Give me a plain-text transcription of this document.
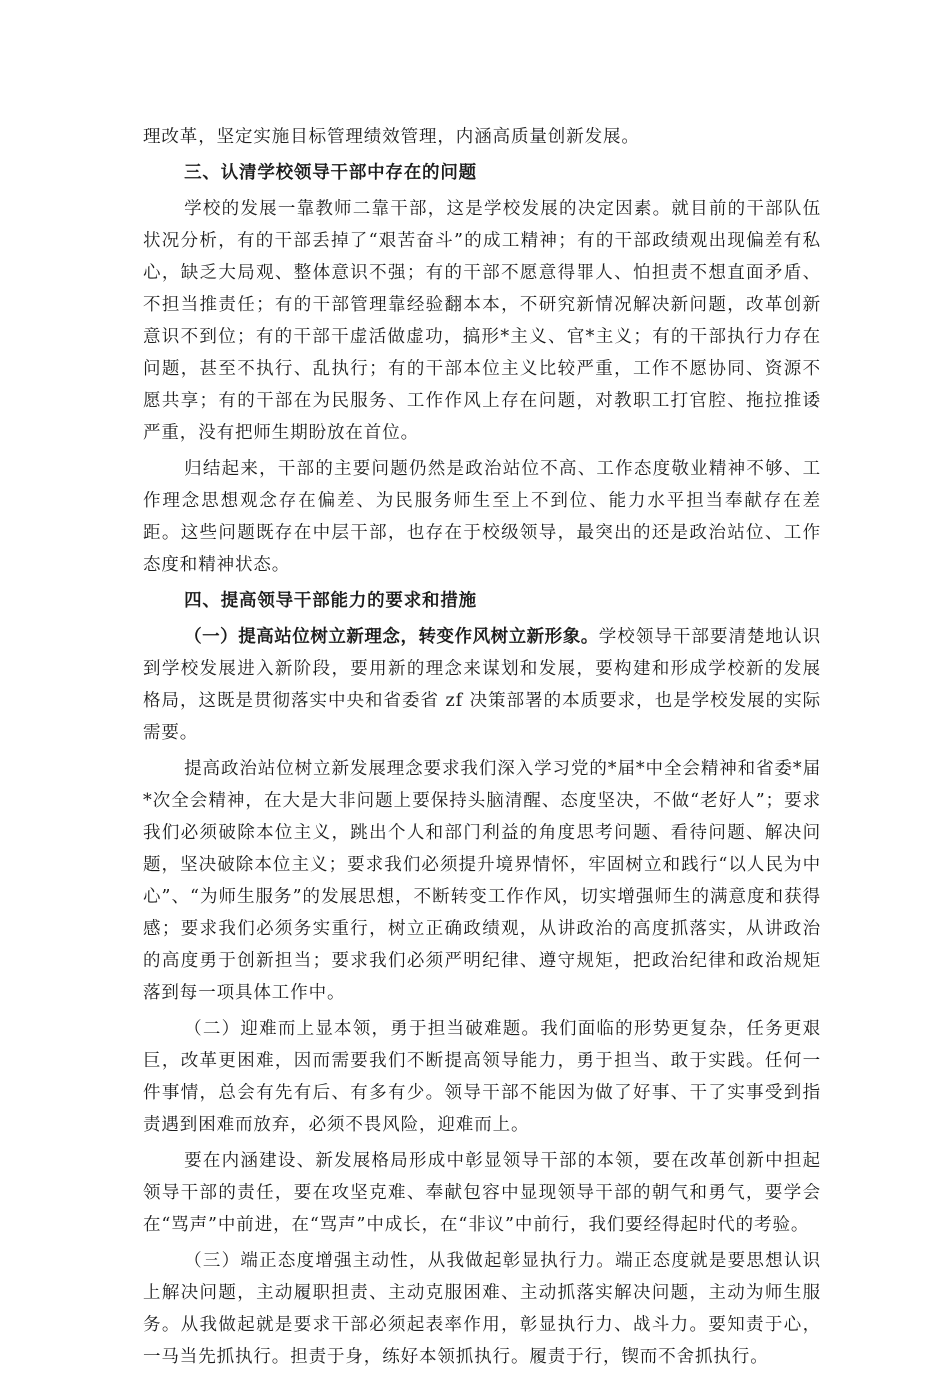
理改革，坚定实施目标管理绩效管理，内涵高质量创新发展。

三、认清学校领导干部中存在的问题

学校的发展一靠教师二靠干部，这是学校发展的决定因素。就目前的干部队伍状况分析，有的干部丢掉了“艰苦奋斗”的成工精神；有的干部政绩观出现偏差有私心，缺乏大局观、整体意识不强；有的干部不愿意得罪人、怕担责不想直面矛盾、不担当推责任；有的干部管理靠经验翻本本，不研究新情况解决新问题，改革创新意识不到位；有的干部干虚活做虚功，搞形*主义、官*主义；有的干部执行力存在问题，甚至不执行、乱执行；有的干部本位主义比较严重，工作不愿协同、资源不愿共享；有的干部在为民服务、工作作风上存在问题，对教职工打官腔、拖拉推诿严重，没有把师生期盼放在首位。

归结起来，干部的主要问题仍然是政治站位不高、工作态度敬业精神不够、工作理念思想观念存在偏差、为民服务师生至上不到位、能力水平担当奉献存在差距。这些问题既存在中层干部，也存在于校级领导，最突出的还是政治站位、工作态度和精神状态。

四、提高领导干部能力的要求和措施

（一）提高站位树立新理念，转变作风树立新形象。学校领导干部要清楚地认识到学校发展进入新阶段，要用新的理念来谋划和发展，要构建和形成学校新的发展格局，这既是贯彻落实中央和省委省 zf 决策部署的本质要求，也是学校发展的实际需要。

提高政治站位树立新发展理念要求我们深入学习党的*届*中全会精神和省委*届*次全会精神，在大是大非问题上要保持头脑清醒、态度坚决，不做“老好人”；要求我们必须破除本位主义，跳出个人和部门利益的角度思考问题、看待问题、解决问题，坚决破除本位主义；要求我们必须提升境界情怀，牢固树立和践行“以人民为中心”、“为师生服务”的发展思想，不断转变工作作风，切实增强师生的满意度和获得感；要求我们必须务实重行，树立正确政绩观，从讲政治的高度抓落实，从讲政治的高度勇于创新担当；要求我们必须严明纪律、遵守规矩，把政治纪律和政治规矩落到每一项具体工作中。

（二）迎难而上显本领，勇于担当破难题。我们面临的形势更复杂，任务更艰巨，改革更困难，因而需要我们不断提高领导能力，勇于担当、敢于实践。任何一件事情，总会有先有后、有多有少。领导干部不能因为做了好事、干了实事受到指责遇到困难而放弃，必须不畏风险，迎难而上。

要在内涵建设、新发展格局形成中彰显领导干部的本领，要在改革创新中担起领导干部的责任，要在攻坚克难、奉献包容中显现领导干部的朝气和勇气，要学会在“骂声”中前进，在“骂声”中成长，在“非议”中前行，我们要经得起时代的考验。

（三）端正态度增强主动性，从我做起彰显执行力。端正态度就是要思想认识上解决问题，主动履职担责、主动克服困难、主动抓落实解决问题，主动为师生服务。从我做起就是要求干部必须起表率作用，彰显执行力、战斗力。要知责于心，一马当先抓执行。担责于身，练好本领抓执行。履责于行，锲而不舍抓执行。
